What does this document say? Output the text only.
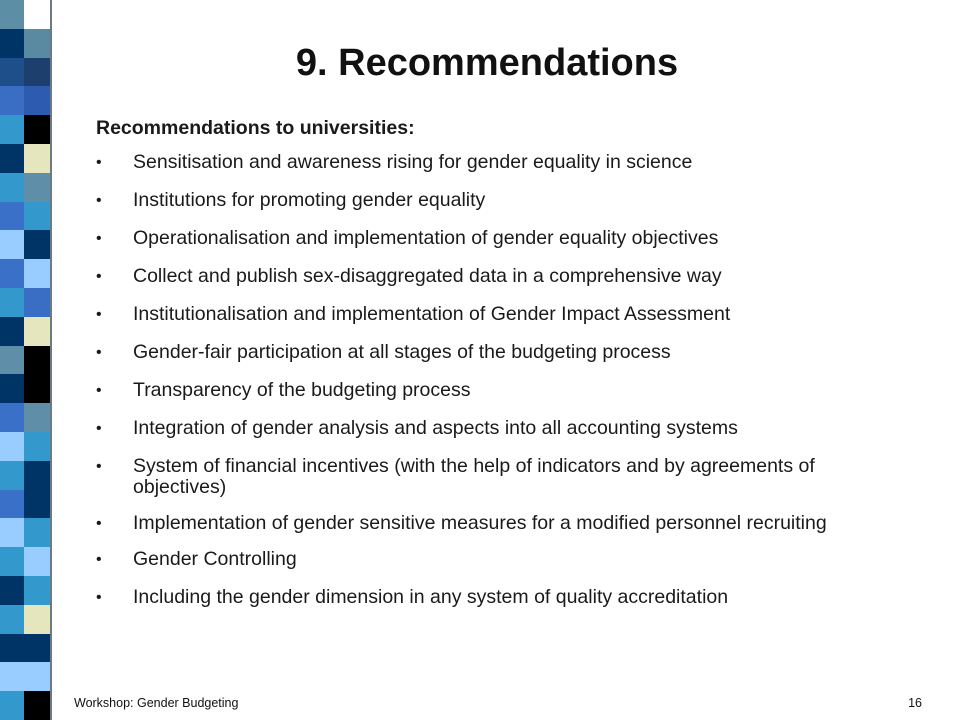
9. Recommendations
Recommendations to universities:
•	Sensitisation and awareness rising for gender equality in science
•	Institutions for promoting gender equality
•	Operationalisation and implementation of gender equality objectives
•	Collect and publish sex-disaggregated data in a comprehensive way
•	Institutionalisation and implementation of Gender Impact Assessment
•	Gender-fair participation at all stages of the budgeting process
•	Transparency of the budgeting process
•	Integration of gender analysis and aspects into all accounting systems
•	System of financial incentives (with the help of indicators and by agreements of objectives)
•	Implementation of gender sensitive measures for a modified personnel recruiting
•	Gender Controlling
•	Including the gender dimension in any system of quality accreditation
Workshop: Gender Budgeting	16
